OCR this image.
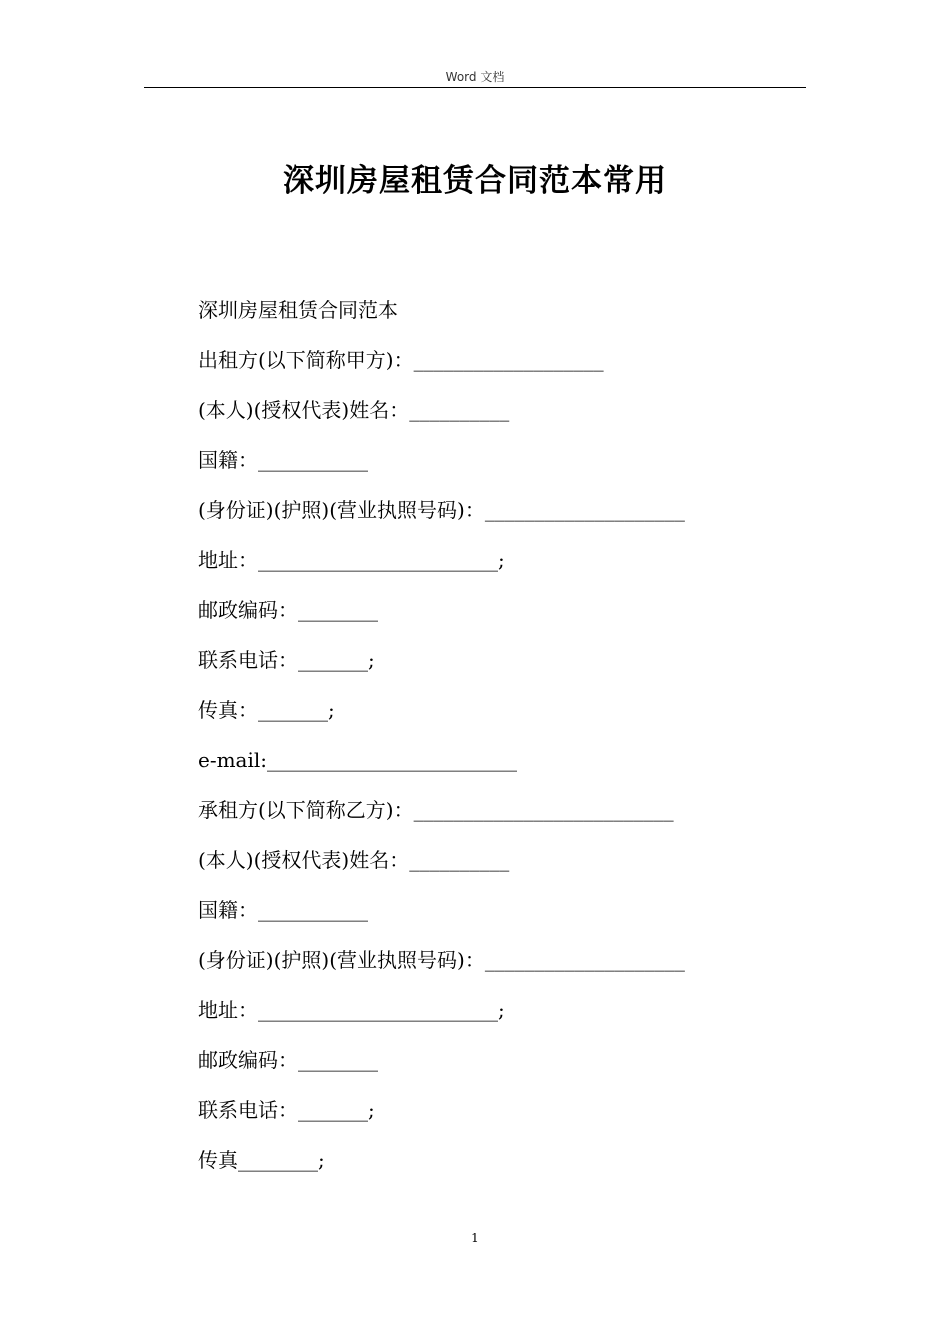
Word 文档
深圳房屋租赁合同范本常用
深圳房屋租赁合同范本
出租方(以下简称甲方)：___________________
(本人)(授权代表)姓名：__________
国籍：___________
(身份证)(护照)(营业执照号码)：____________________
地址：________________________;
邮政编码：________
联系电话：_______;
传真：_______;
e-mail:_________________________
承租方(以下简称乙方)：__________________________
(本人)(授权代表)姓名：__________
国籍：___________
(身份证)(护照)(营业执照号码)：____________________
地址：________________________;
邮政编码：________
联系电话：_______;
传真________;
1
